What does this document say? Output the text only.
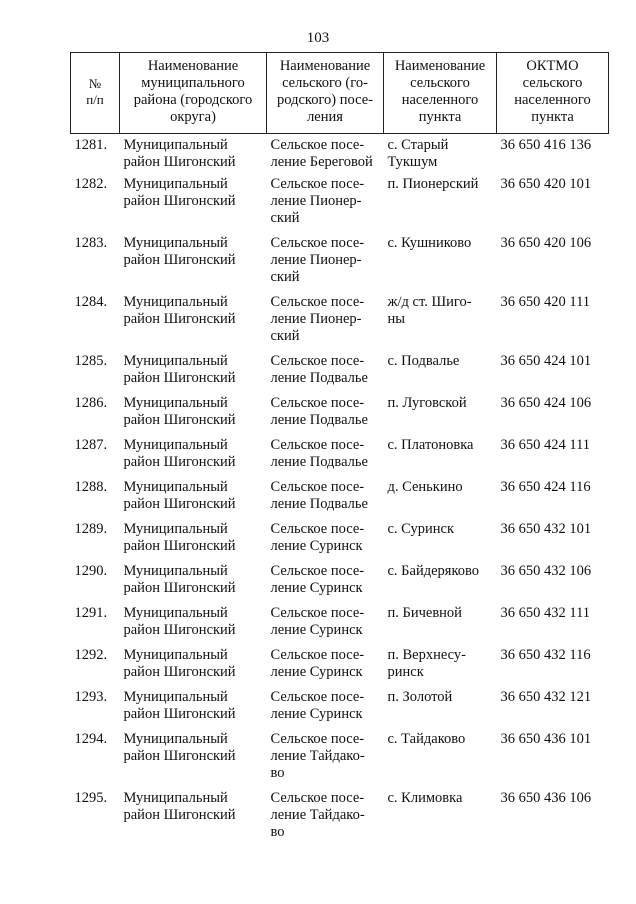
103
№
п/п	Наименование
муниципального
района (городского
округа)	Наименование
сельского (го-
родского) посе-
ления	Наименование
сельского
населенного
пункта	ОКТМО
сельского
населенного
пункта

1281.	Муниципальный
район Шигонский	Сельское посе-
ление Береговой	с. Старый
Тукшум	36 650 416 136
1282.	Муниципальный
район Шигонский	Сельское посе-
ление Пионер-
ский	п. Пионерский	36 650 420 101
1283.	Муниципальный
район Шигонский	Сельское посе-
ление Пионер-
ский	с. Кушниково	36 650 420 106
1284.	Муниципальный
район Шигонский	Сельское посе-
ление Пионер-
ский	ж/д ст. Шиго-
ны	36 650 420 111
1285.	Муниципальный
район Шигонский	Сельское посе-
ление Подвалье	с. Подвалье	36 650 424 101
1286.	Муниципальный
район Шигонский	Сельское посе-
ление Подвалье	п. Луговской	36 650 424 106
1287.	Муниципальный
район Шигонский	Сельское посе-
ление Подвалье	с. Платоновка	36 650 424 111
1288.	Муниципальный
район Шигонский	Сельское посе-
ление Подвалье	д. Сенькино	36 650 424 116
1289.	Муниципальный
район Шигонский	Сельское посе-
ление Суринск	с. Суринск	36 650 432 101
1290.	Муниципальный
район Шигонский	Сельское посе-
ление Суринск	с. Байдеряково	36 650 432 106
1291.	Муниципальный
район Шигонский	Сельское посе-
ление Суринск	п. Бичевной	36 650 432 111
1292.	Муниципальный
район Шигонский	Сельское посе-
ление Суринск	п. Верхнесу-
ринск	36 650 432 116
1293.	Муниципальный
район Шигонский	Сельское посе-
ление Суринск	п. Золотой	36 650 432 121
1294.	Муниципальный
район Шигонский	Сельское посе-
ление Тайдако-
во	с. Тайдаково	36 650 436 101
1295.	Муниципальный
район Шигонский	Сельское посе-
ление Тайдако-
во	с. Климовка	36 650 436 106
